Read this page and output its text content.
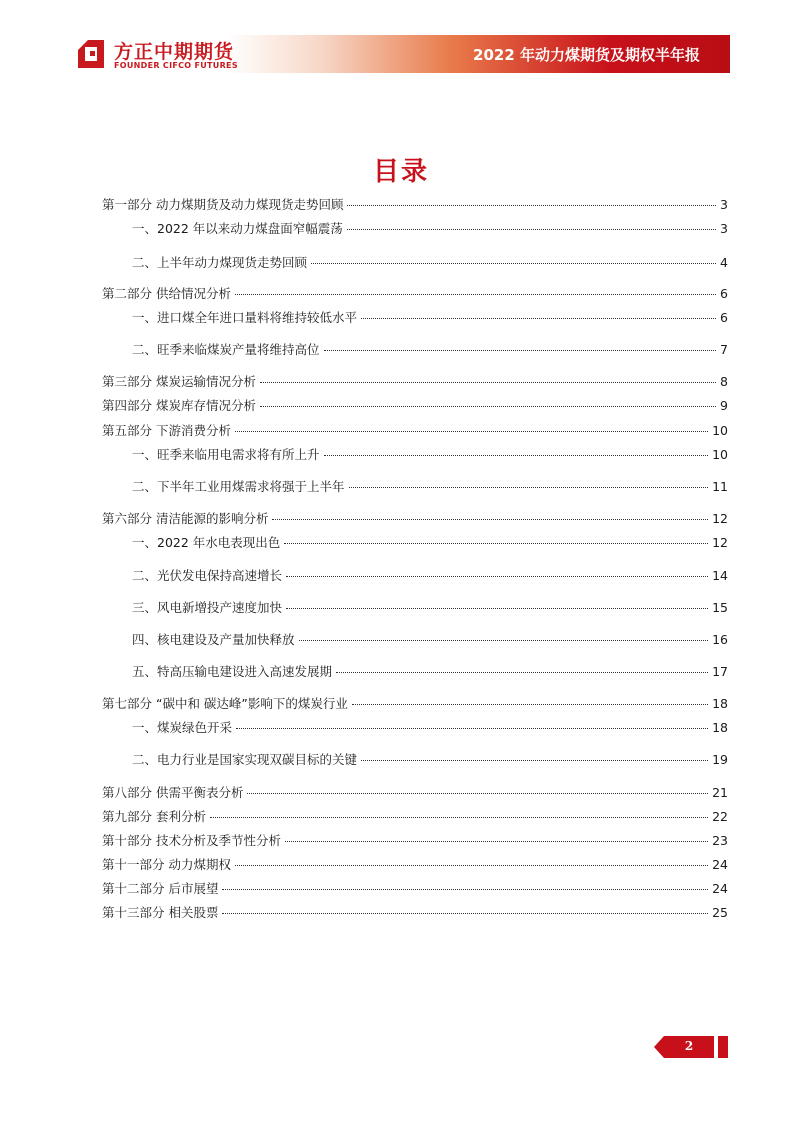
方正中期期货
FOUNDER CIFCO FUTURES
2022 年动力煤期货及期权半年报
目录
第一部分 动力煤期货及动力煤现货走势回顾	3
一、2022 年以来动力煤盘面窄幅震荡	3
二、上半年动力煤现货走势回顾	4
第二部分 供给情况分析	6
一、进口煤全年进口量料将维持较低水平	6
二、旺季来临煤炭产量将维持高位	7
第三部分 煤炭运输情况分析	8
第四部分 煤炭库存情况分析	9
第五部分 下游消费分析	10
一、旺季来临用电需求将有所上升	10
二、下半年工业用煤需求将强于上半年	11
第六部分 清洁能源的影响分析	12
一、2022 年水电表现出色	12
二、光伏发电保持高速增长	14
三、风电新增投产速度加快	15
四、核电建设及产量加快释放	16
五、特高压输电建设进入高速发展期	17
第七部分 “碳中和 碳达峰”影响下的煤炭行业	18
一、煤炭绿色开采	18
二、电力行业是国家实现双碳目标的关键	19
第八部分 供需平衡表分析	21
第九部分 套利分析	22
第十部分 技术分析及季节性分析	23
第十一部分 动力煤期权	24
第十二部分 后市展望	24
第十三部分 相关股票	25
2
